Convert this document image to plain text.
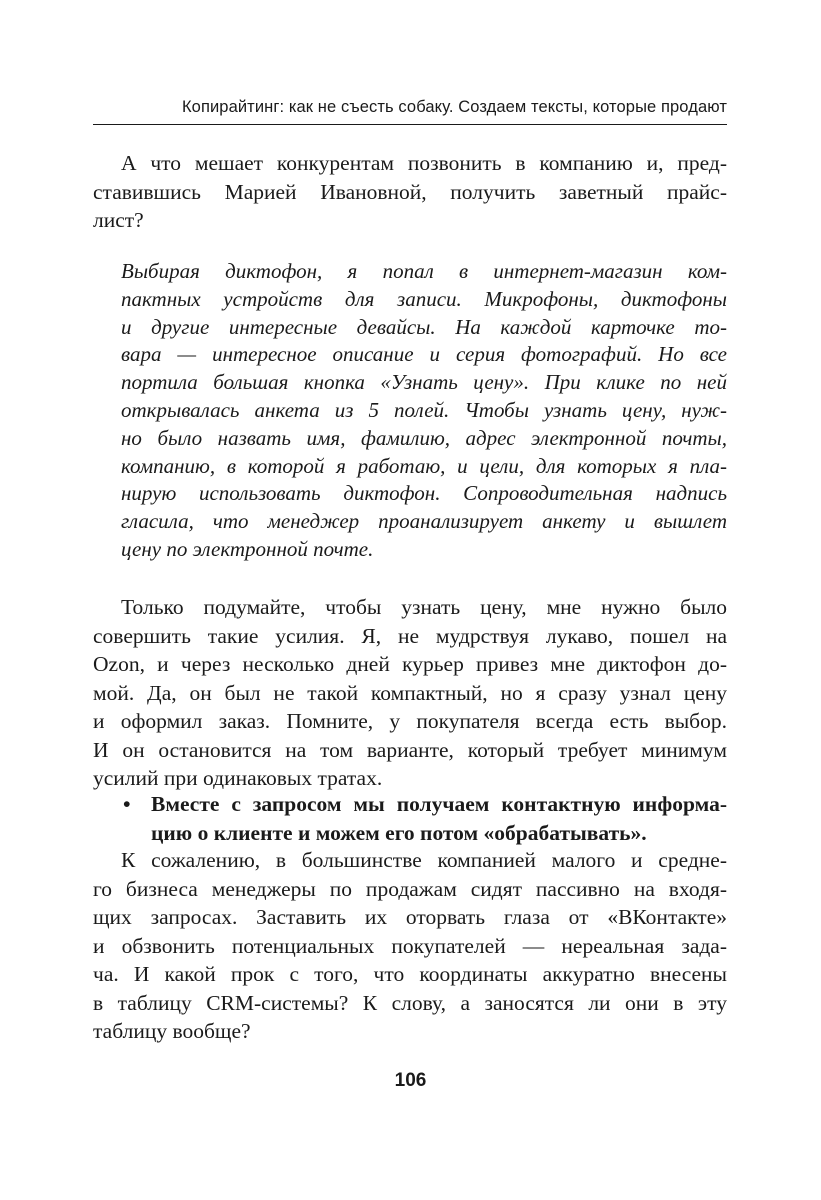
Копирайтинг: как не съесть собаку. Создаем тексты, которые продают
А что мешает конкурентам позвонить в компанию и, пред-
ставившись Марией Ивановной, получить заветный прайс-
лист?
Выбирая диктофон, я попал в интернет-магазин ком-
пактных устройств для записи. Микрофоны, диктофоны
и другие интересные девайсы. На каждой карточке то-
вара — интересное описание и серия фотографий. Но все
портила большая кнопка «Узнать цену». При клике по ней
открывалась анкета из 5 полей. Чтобы узнать цену, нуж-
но было назвать имя, фамилию, адрес электронной почты,
компанию, в которой я работаю, и цели, для которых я пла-
нирую использовать диктофон. Сопроводительная надпись
гласила, что менеджер проанализирует анкету и вышлет
цену по электронной почте.
Только подумайте, чтобы узнать цену, мне нужно было
совершить такие усилия. Я, не мудрствуя лукаво, пошел на
Ozon, и через несколько дней курьер привез мне диктофон до-
мой. Да, он был не такой компактный, но я сразу узнал цену
и оформил заказ. Помните, у покупателя всегда есть выбор.
И он остановится на том варианте, который требует минимум
усилий при одинаковых тратах.
• Вместе с запросом мы получаем контактную информа-
цию о клиенте и можем его потом «обрабатывать».
К сожалению, в большинстве компанией малого и средне-
го бизнеса менеджеры по продажам сидят пассивно на входя-
щих запросах. Заставить их оторвать глаза от «ВКонтакте»
и обзвонить потенциальных покупателей — нереальная зада-
ча. И какой прок с того, что координаты аккуратно внесены
в таблицу CRM-системы? К слову, а заносятся ли они в эту
таблицу вообще?
106
